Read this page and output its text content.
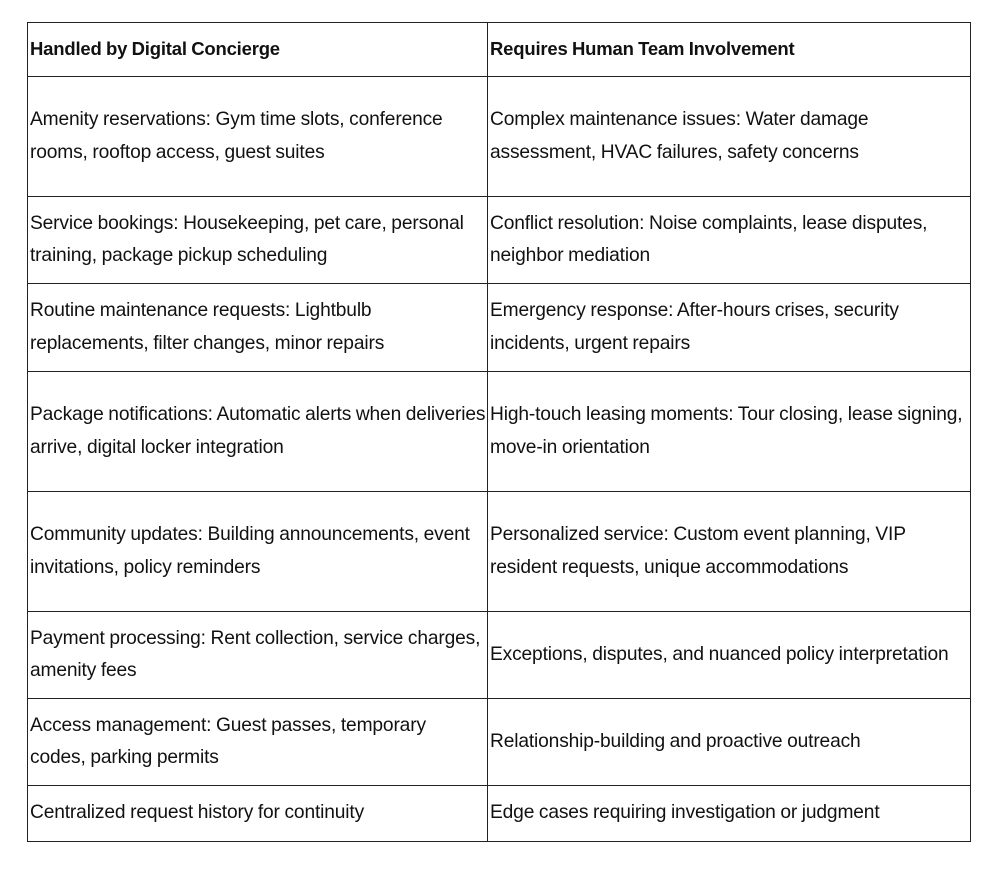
Handled by Digital Concierge	Requires Human Team Involvement
Amenity reservations: Gym time slots, conference rooms, rooftop access, guest suites	Complex maintenance issues: Water damage assessment, HVAC failures, safety concerns
Service bookings: Housekeeping, pet care, personal training, package pickup scheduling	Conflict resolution: Noise complaints, lease disputes, neighbor mediation
Routine maintenance requests: Lightbulb replacements, filter changes, minor repairs	Emergency response: After-hours crises, security incidents, urgent repairs
Package notifications: Automatic alerts when deliveries arrive, digital locker integration	High-touch leasing moments: Tour closing, lease signing, move-in orientation
Community updates: Building announcements, event invitations, policy reminders	Personalized service: Custom event planning, VIP resident requests, unique accommodations
Payment processing: Rent collection, service charges, amenity fees	Exceptions, disputes, and nuanced policy interpretation
Access management: Guest passes, temporary codes, parking permits	Relationship-building and proactive outreach
Centralized request history for continuity	Edge cases requiring investigation or judgment
